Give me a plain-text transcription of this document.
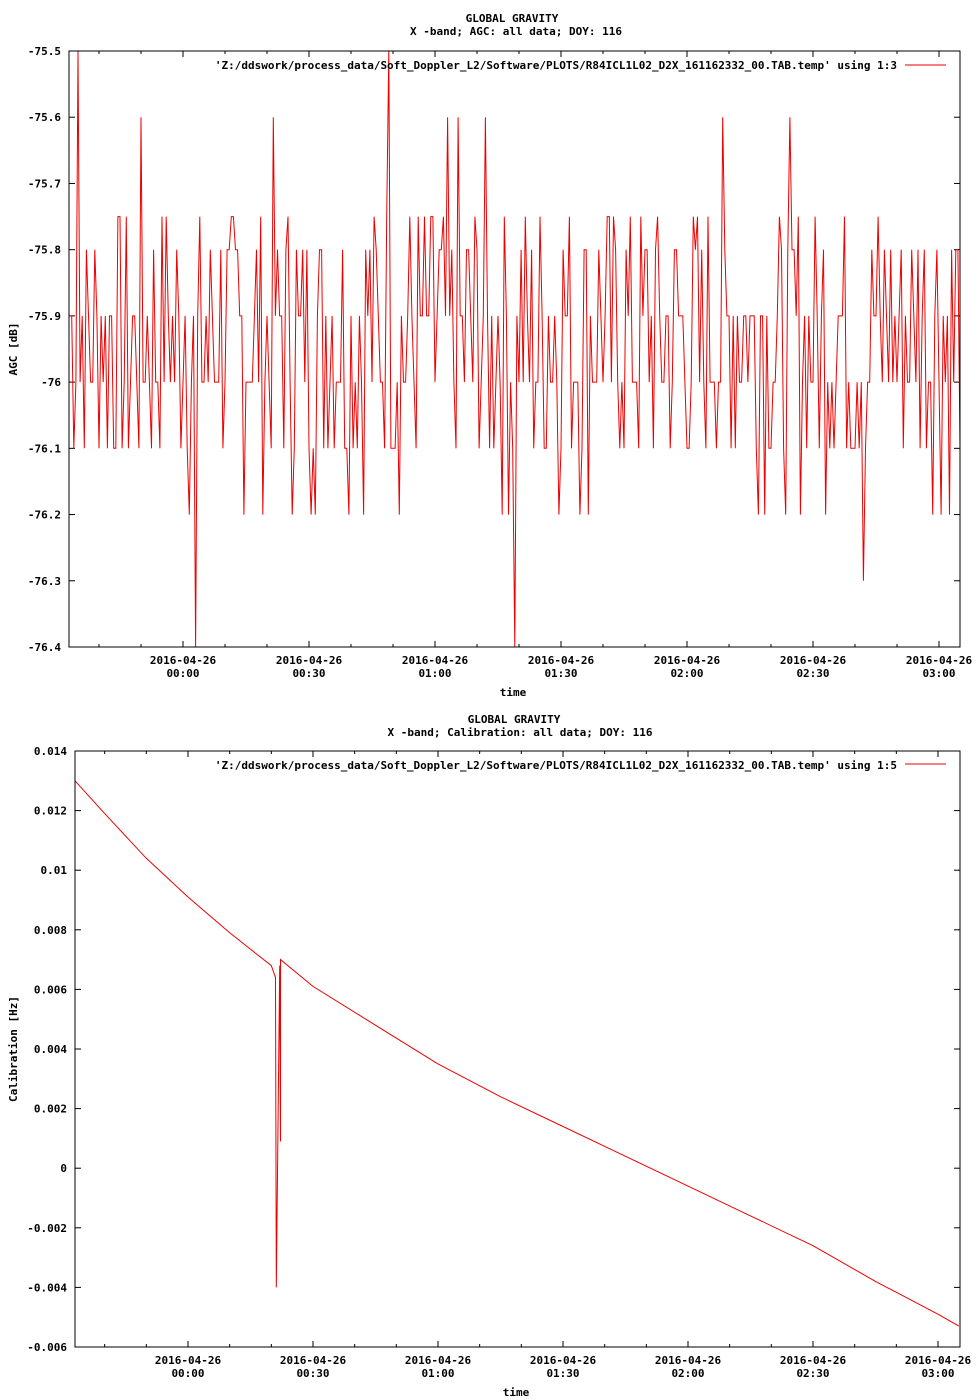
GLOBAL GRAVITY
X -band; AGC: all data; DOY: 116
-75.5
-75.6
-75.7
-75.8
-75.9
-76
-76.1
-76.2
-76.3
-76.4
2016-04-26
00:00
2016-04-26
00:30
2016-04-26
01:00
2016-04-26
01:30
2016-04-26
02:00
2016-04-26
02:30
2016-04-26
03:00
AGC [dB]
time
'Z:/ddswork/process_data/Soft_Doppler_L2/Software/PLOTS/R84ICL1L02_D2X_161162332_00.TAB.temp' using 1:3
GLOBAL GRAVITY
X -band; Calibration: all data; DOY: 116
0.014
0.012
0.01
0.008
0.006
0.004
0.002
0
-0.002
-0.004
-0.006
2016-04-26
00:00
2016-04-26
00:30
2016-04-26
01:00
2016-04-26
01:30
2016-04-26
02:00
2016-04-26
02:30
2016-04-26
03:00
Calibration [Hz]
time
'Z:/ddswork/process_data/Soft_Doppler_L2/Software/PLOTS/R84ICL1L02_D2X_161162332_00.TAB.temp' using 1:5
